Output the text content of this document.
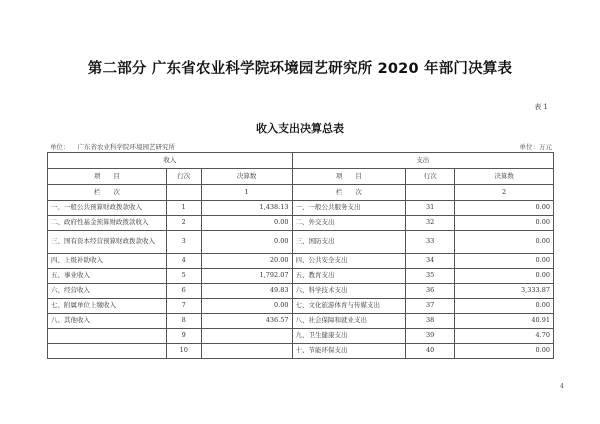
第二部分 广东省农业科学院环境园艺研究所 2020 年部门决算表
表 1
收入支出决算总表
单位： 广东省农业科学院环境园艺研究所	单位：万元
收入			支出		
项　　目	行次	决算数	项　　目	行次	决算数
栏　　次		1	栏　　次		2
一、一般公共预算财政拨款收入	1	1,438.13	一、一般公共服务支出	31	0.00
二、政府性基金预算财政拨款收入	2	0.00	二、外交支出	32	0.00
三、国有资本经营预算财政拨款收入	3	0.00	三、国防支出	33	0.00
四、上级补助收入	4	20.00	四、公共安全支出	34	0.00
五、事业收入	5	1,792.07	五、教育支出	35	0.00
六、经营收入	6	49.83	六、科学技术支出	36	3,333.87
七、附属单位上缴收入	7	0.00	七、文化旅游体育与传媒支出	37	0.00
八、其他收入	8	436.57	八、社会保障和就业支出	38	40.91
	9		九、卫生健康支出	39	4.70
	10		十、节能环保支出	40	0.00
4
